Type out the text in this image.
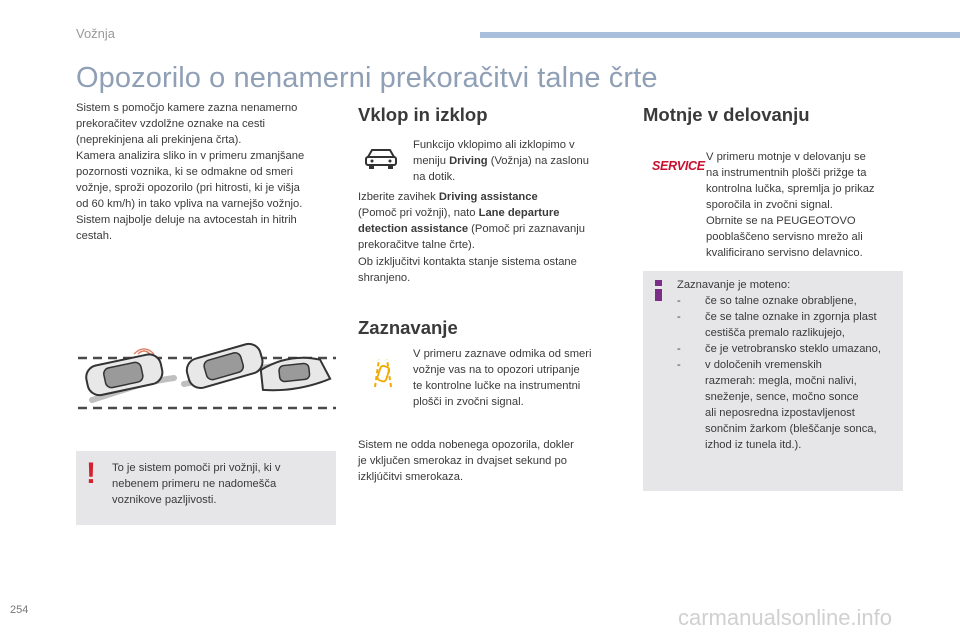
Vožnja
Opozorilo o nenamerni prekoračitvi talne črte
Sistem s pomočjo kamere zazna nenamerno
prekoračitev vzdolžne oznake na cesti
(neprekinjena ali prekinjena črta).
Kamera analizira sliko in v primeru zmanjšane
pozornosti voznika, ki se odmakne od smeri
vožnje, sproži opozorilo (pri hitrosti, ki je višja
od 60 km/h) in tako vpliva na varnejšo vožnjo.
Sistem najbolje deluje na avtocestah in hitrih
cestah.
! To je sistem pomoči pri vožnji, ki v
nebenem primeru ne nadomešča
voznikove pazljivosti.
Vklop in izklop
Funkcijo vklopimo ali izklopimo v
meniju Driving (Vožnja) na zaslonu
na dotik.
Izberite zavihek Driving assistance
(Pomoč pri vožnji), nato Lane departure
detection assistance (Pomoč pri zaznavanju
prekoračitve talne črte).
Ob izključitvi kontakta stanje sistema ostane
shranjeno.
Zaznavanje
V primeru zaznave odmika od smeri
vožnje vas na to opozori utripanje
te kontrolne lučke na instrumentni
plošči in zvočni signal.
Sistem ne odda nobenega opozorila, dokler
je vključen smerokaz in dvajset sekund po
izkljúčitvi smerokaza.
Motnje v delovanju
SERVICE
V primeru motnje v delovanju se
na instrumentnih plošči prižge ta
kontrolna lučka, spremlja jo prikaz
sporočila in zvočni signal.
Obrnite se na PEUGEOTOVO
pooblaščeno servisno mrežo ali
kvalificirano servisno delavnico.
Zaznavanje je moteno:
- če so talne oznake obrabljene,
- če se talne oznake in zgornja plast
cestišča premalo razlikujejo,
- če je vetrobransko steklo umazano,
- v določenih vremenskih
razmerah: megla, močni nalivi,
sneženje, sence, močno sonce
ali neposredna izpostavljenost
sončnim žarkom (bleščanje sonca,
izhod iz tunela itd.).
254	carmanualsonline.info
